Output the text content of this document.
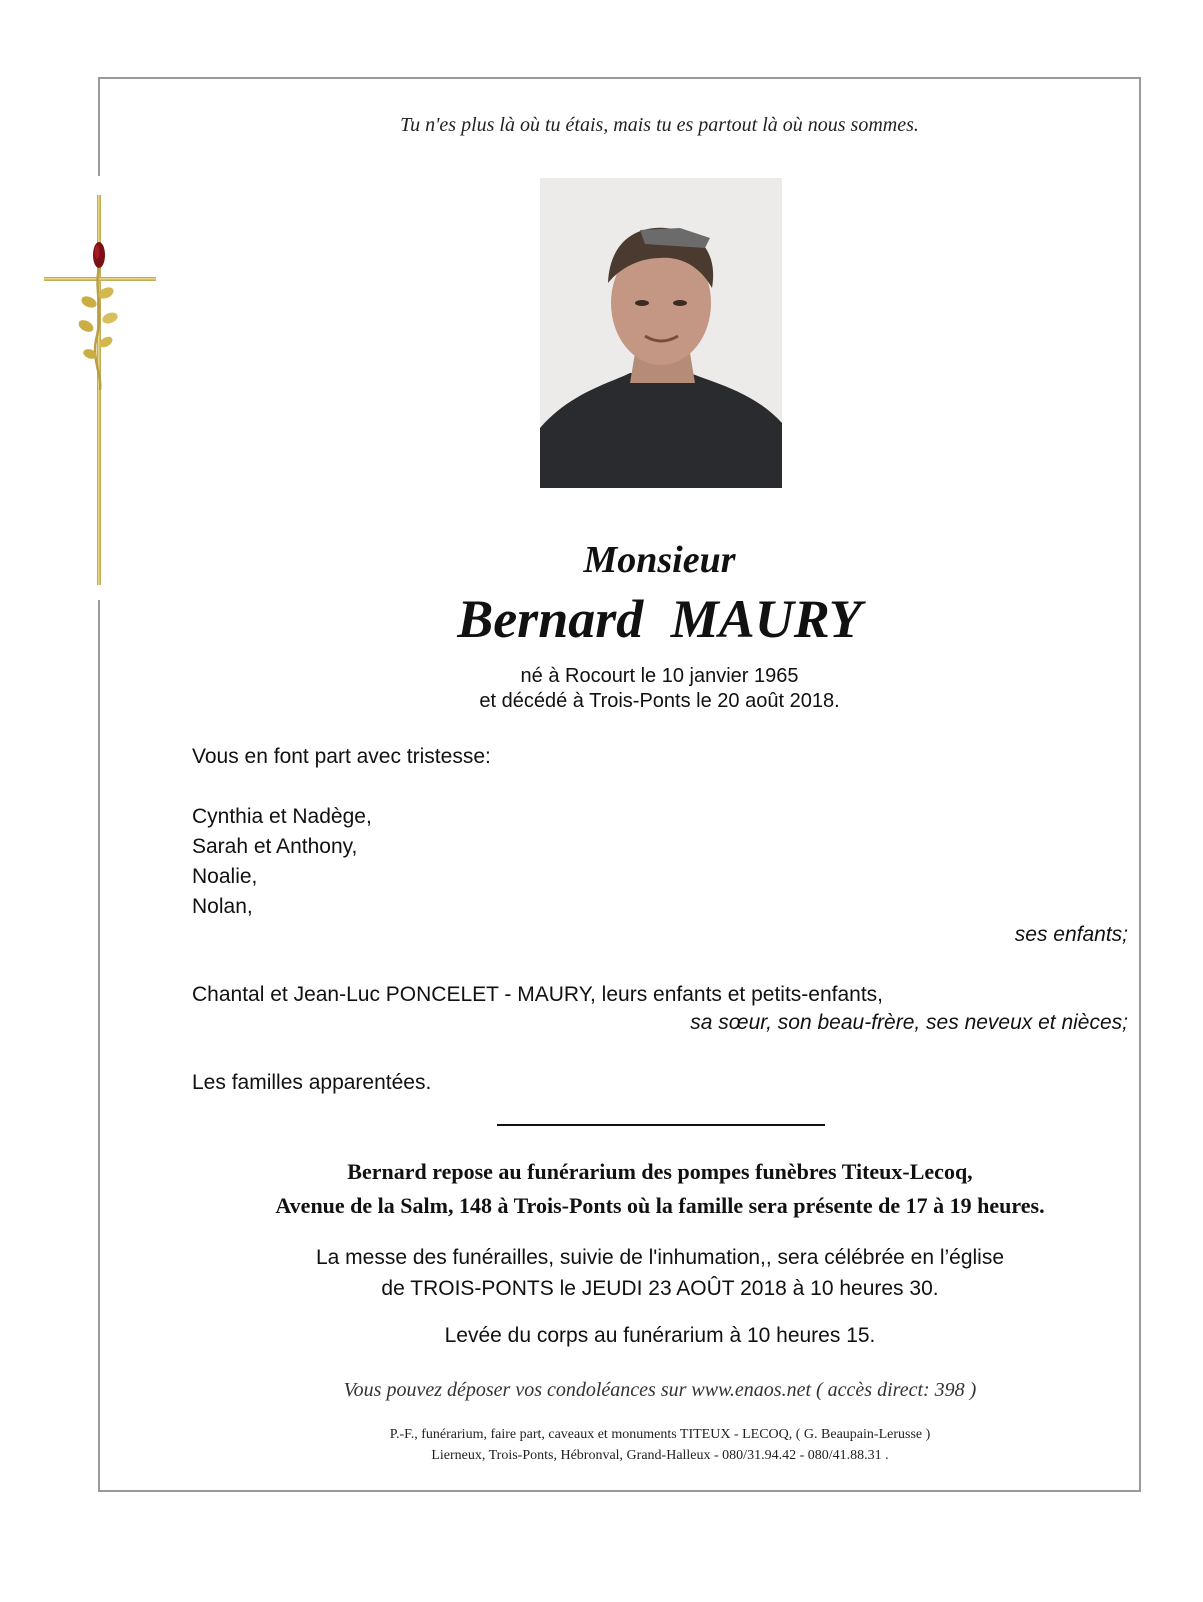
Tu n'es plus là où tu étais, mais tu es partout là où nous sommes.
Monsieur
Bernard MAURY
né à Rocourt le 10 janvier 1965
et décédé à Trois-Ponts le 20 août 2018.
Vous en font part avec tristesse:
Cynthia et Nadège,
Sarah et Anthony,
Noalie,
Nolan,
ses enfants;
Chantal et Jean-Luc PONCELET - MAURY, leurs enfants et petits-enfants,
sa sœur, son beau-frère, ses neveux et nièces;
Les familles apparentées.
Bernard repose au funérarium des pompes funèbres Titeux-Lecoq,
Avenue de la Salm, 148 à Trois-Ponts où la famille sera présente de 17 à 19 heures.
La messe des funérailles, suivie de l'inhumation,, sera célébrée en l’église
de TROIS-PONTS le JEUDI 23 AOÛT 2018 à 10 heures 30.
Levée du corps au funérarium à 10 heures 15.
Vous pouvez déposer vos condoléances sur www.enaos.net ( accès direct: 398 )
P.-F., funérarium, faire part, caveaux et monuments TITEUX - LECOQ, ( G. Beaupain-Lerusse )
Lierneux, Trois-Ponts, Hébronval, Grand-Halleux - 080/31.94.42 - 080/41.88.31 .
